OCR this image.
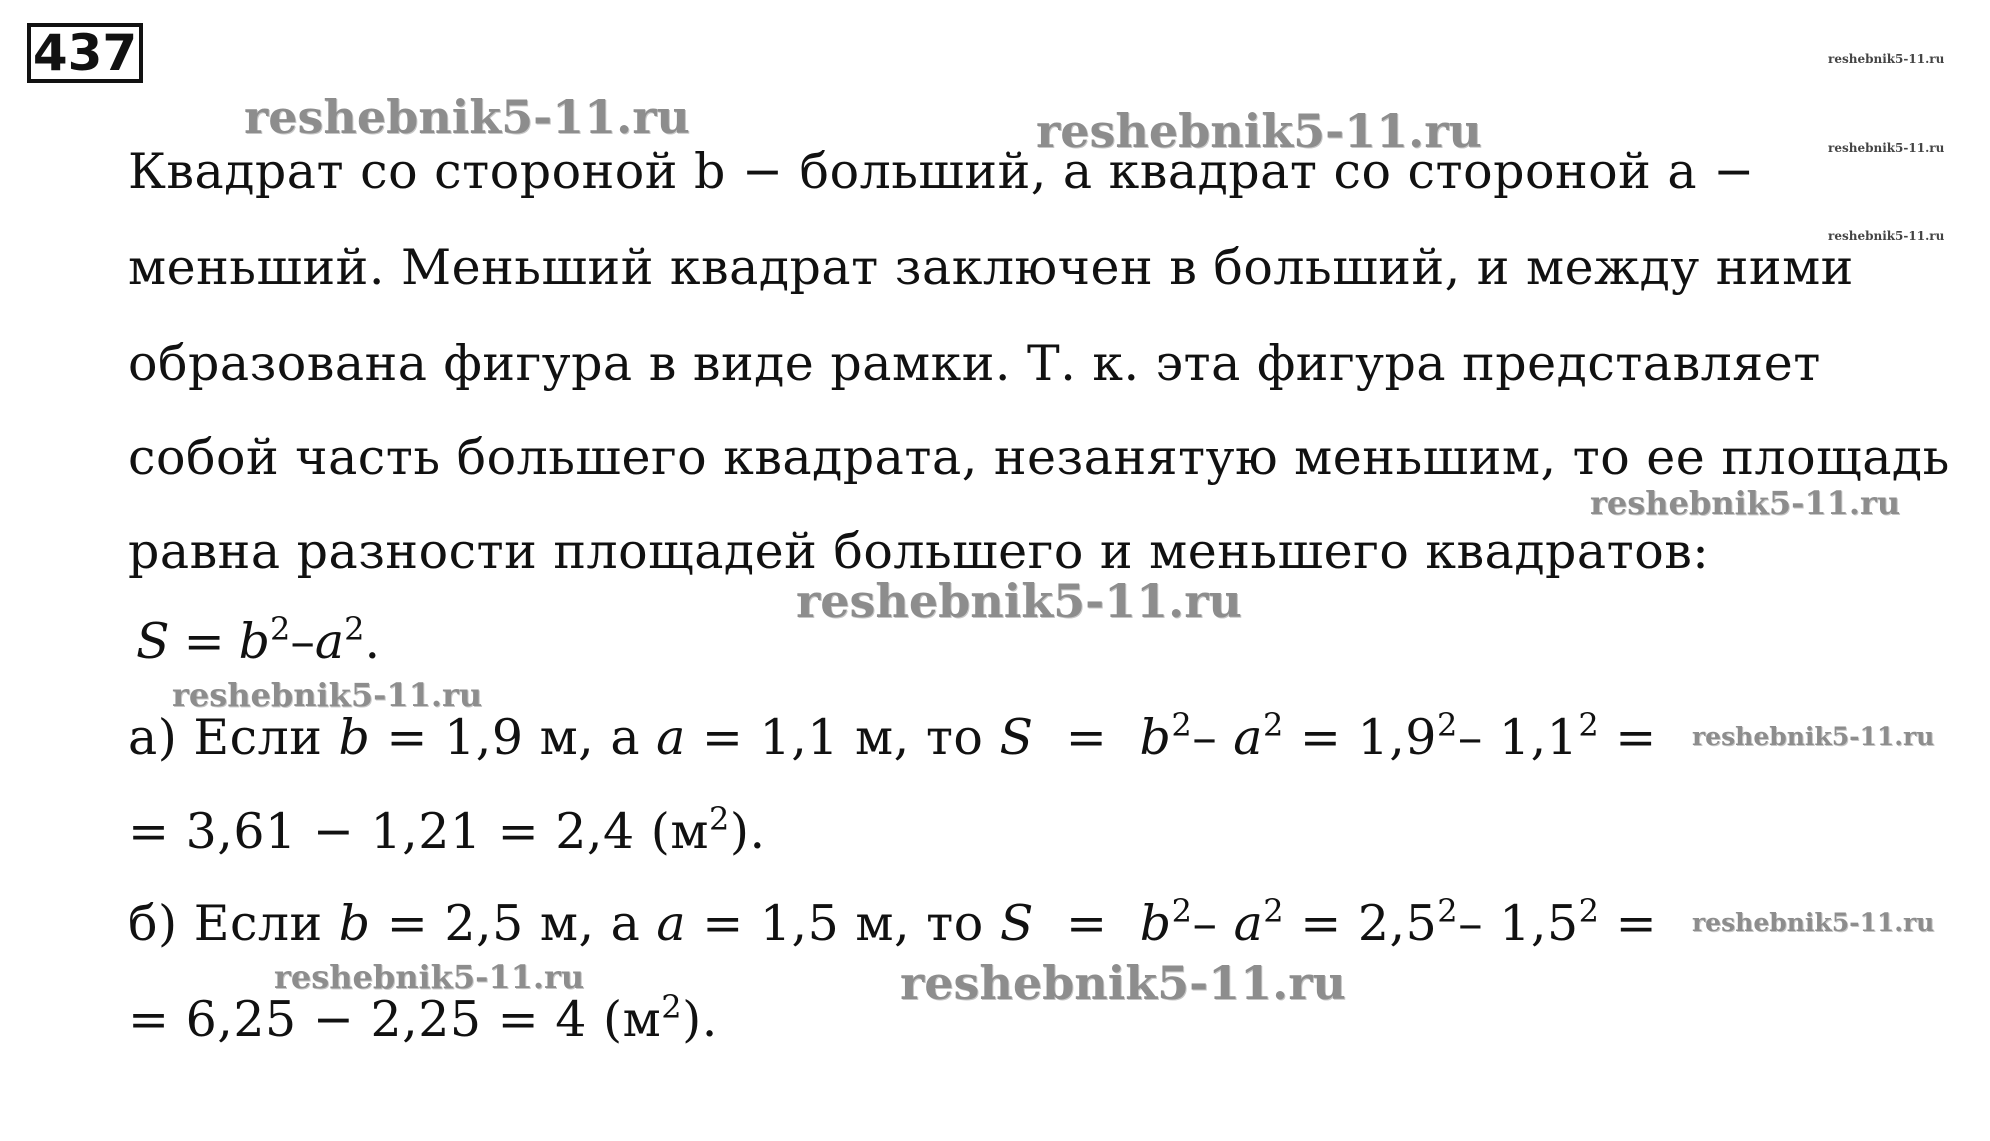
437	reshebnik5-11.ru
reshebnik5-11.ru	reshebnik5-11.ru	reshebnik5-11.ru
reshebnik5-11.ru
reshebnik5-11.ru
reshebnik5-11.ru
reshebnik5-11.ru
reshebnik5-11.ru
reshebnik5-11.ru
reshebnik5-11.ru	reshebnik5-11.ru
Квадрат со стороной b − больший, а квадрат со стороной a −
меньший. Меньший квадрат заключен в больший, и между ними
образована фигура в виде рамки. Т. к. эта фигура представляет
собой часть большего квадрата, незанятую меньшим, то ее площадь
равна разности площадей большего и меньшего квадратов:
$S = b^2-a^2$.
а) Если b = 1,9 м, а a = 1,1 м, то $S = b^2-$ $a^2 = 1,9^2-$ $1,1^2$ =
= 3,61 − 1,21 = 2,4 $(м^2)$.
б) Если b = 2,5 м, а a = 1,5 м, то $S = b^2-$ $a^2 = 2,5^2-$ $1,5^2$ =
= 6,25 − 2,25 = 4 $(м^2)$.
